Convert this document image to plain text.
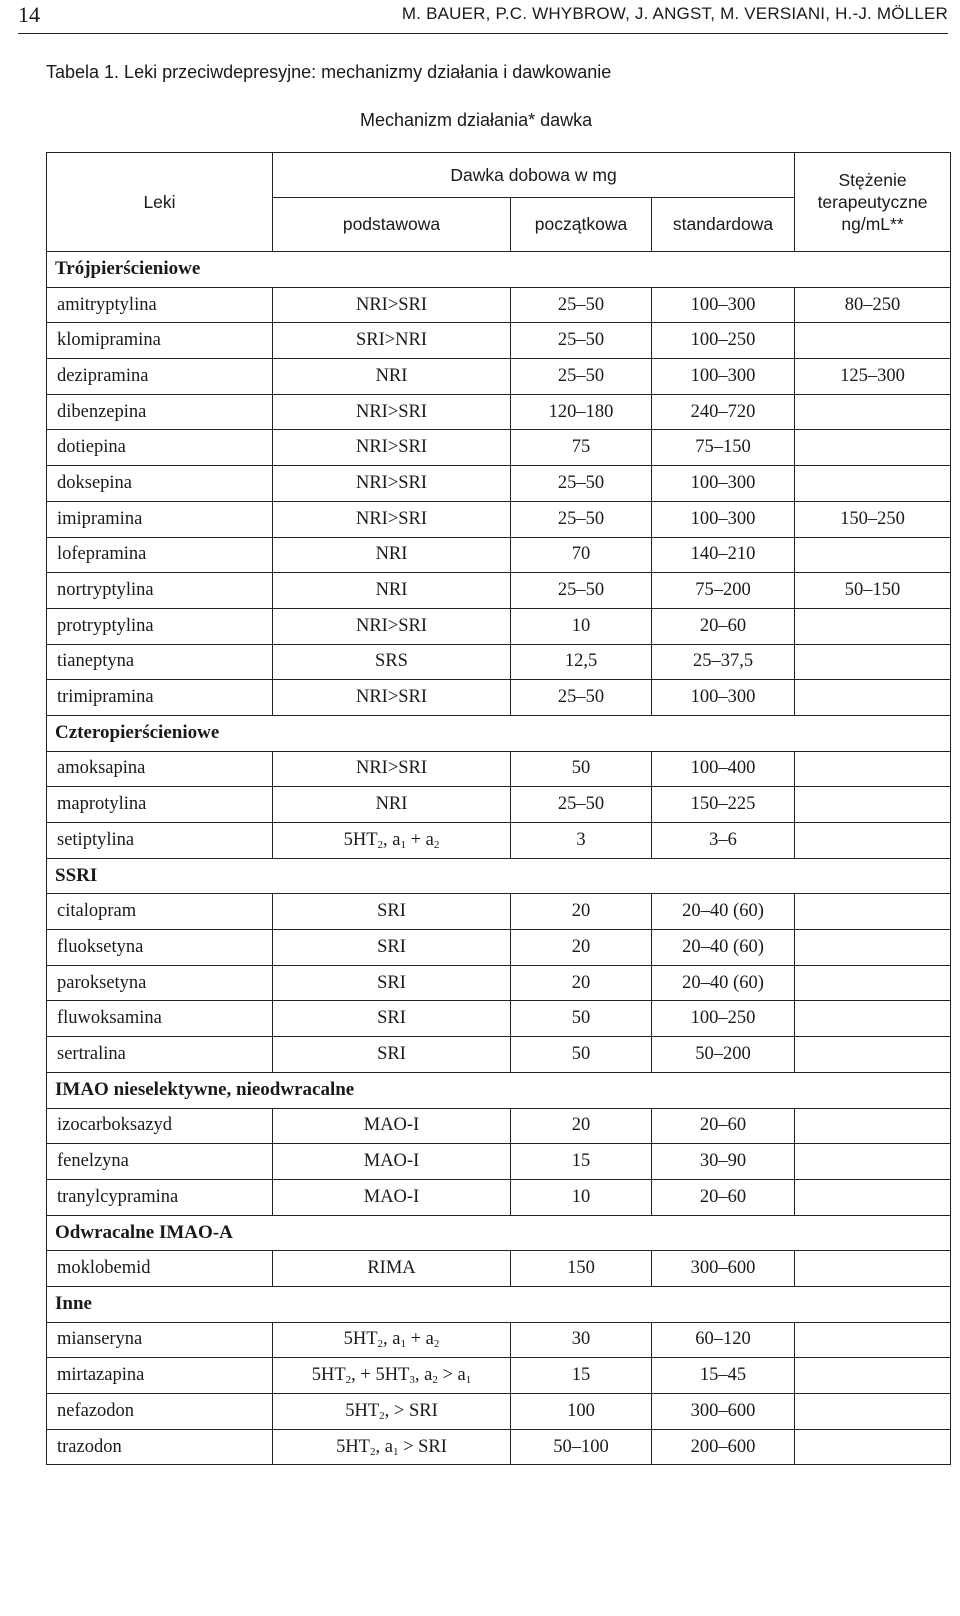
14	M. BAUER, P.C. WHYBROW, J. ANGST, M. VERSIANI, H.-J. MÖLLER
Tabela 1. Leki przeciwdepresyjne: mechanizmy działania i dawkowanie
Mechanizm działania* dawka
Leki	Dawka dobowa w mg			Stężenie
terapeutyczne
ng/mL**
	podstawowa	początkowa	standardowa	
Trójpierścieniowe				
amitryptylina	NRI>SRI	25–50	100–300	80–250
klomipramina	SRI>NRI	25–50	100–250	
dezipramina	NRI	25–50	100–300	125–300
dibenzepina	NRI>SRI	120–180	240–720	
dotiepina	NRI>SRI	75	75–150	
doksepina	NRI>SRI	25–50	100–300	
imipramina	NRI>SRI	25–50	100–300	150–250
lofepramina	NRI	70	140–210	
nortryptylina	NRI	25–50	75–200	50–150
protryptylina	NRI>SRI	10	20–60	
tianeptyna	SRS	12,5	25–37,5	
trimipramina	NRI>SRI	25–50	100–300	
Czteropierścieniowe				
amoksapina	NRI>SRI	50	100–400	
maprotylina	NRI	25–50	150–225	
setiptylina	$5HT_2$, $a_1 + a_2$	3	3–6	
SSRI				
citalopram	SRI	20	20–40 (60)	
fluoksetyna	SRI	20	20–40 (60)	
paroksetyna	SRI	20	20–40 (60)	
fluwoksamina	SRI	50	100–250	
sertralina	SRI	50	50–200	
IMAO nieselektywne, nieodwracalne				
izocarboksazyd	MAO-I	20	20–60	
fenelzyna	MAO-I	15	30–90	
tranylcypramina	MAO-I	10	20–60	
Odwracalne IMAO-A				
moklobemid	RIMA	150	300–600	
Inne				
mianseryna	$5HT_2$, $a_1 + a_2$	30	60–120	
mirtazapina	$5HT_2$, + $5HT_3$, $a_2 > a_1$	15	15–45	
nefazodon	$5HT_2$, > SRI	100	300–600	
trazodon	$5HT_2$, $a_1$ > SRI	50–100	200–600	
